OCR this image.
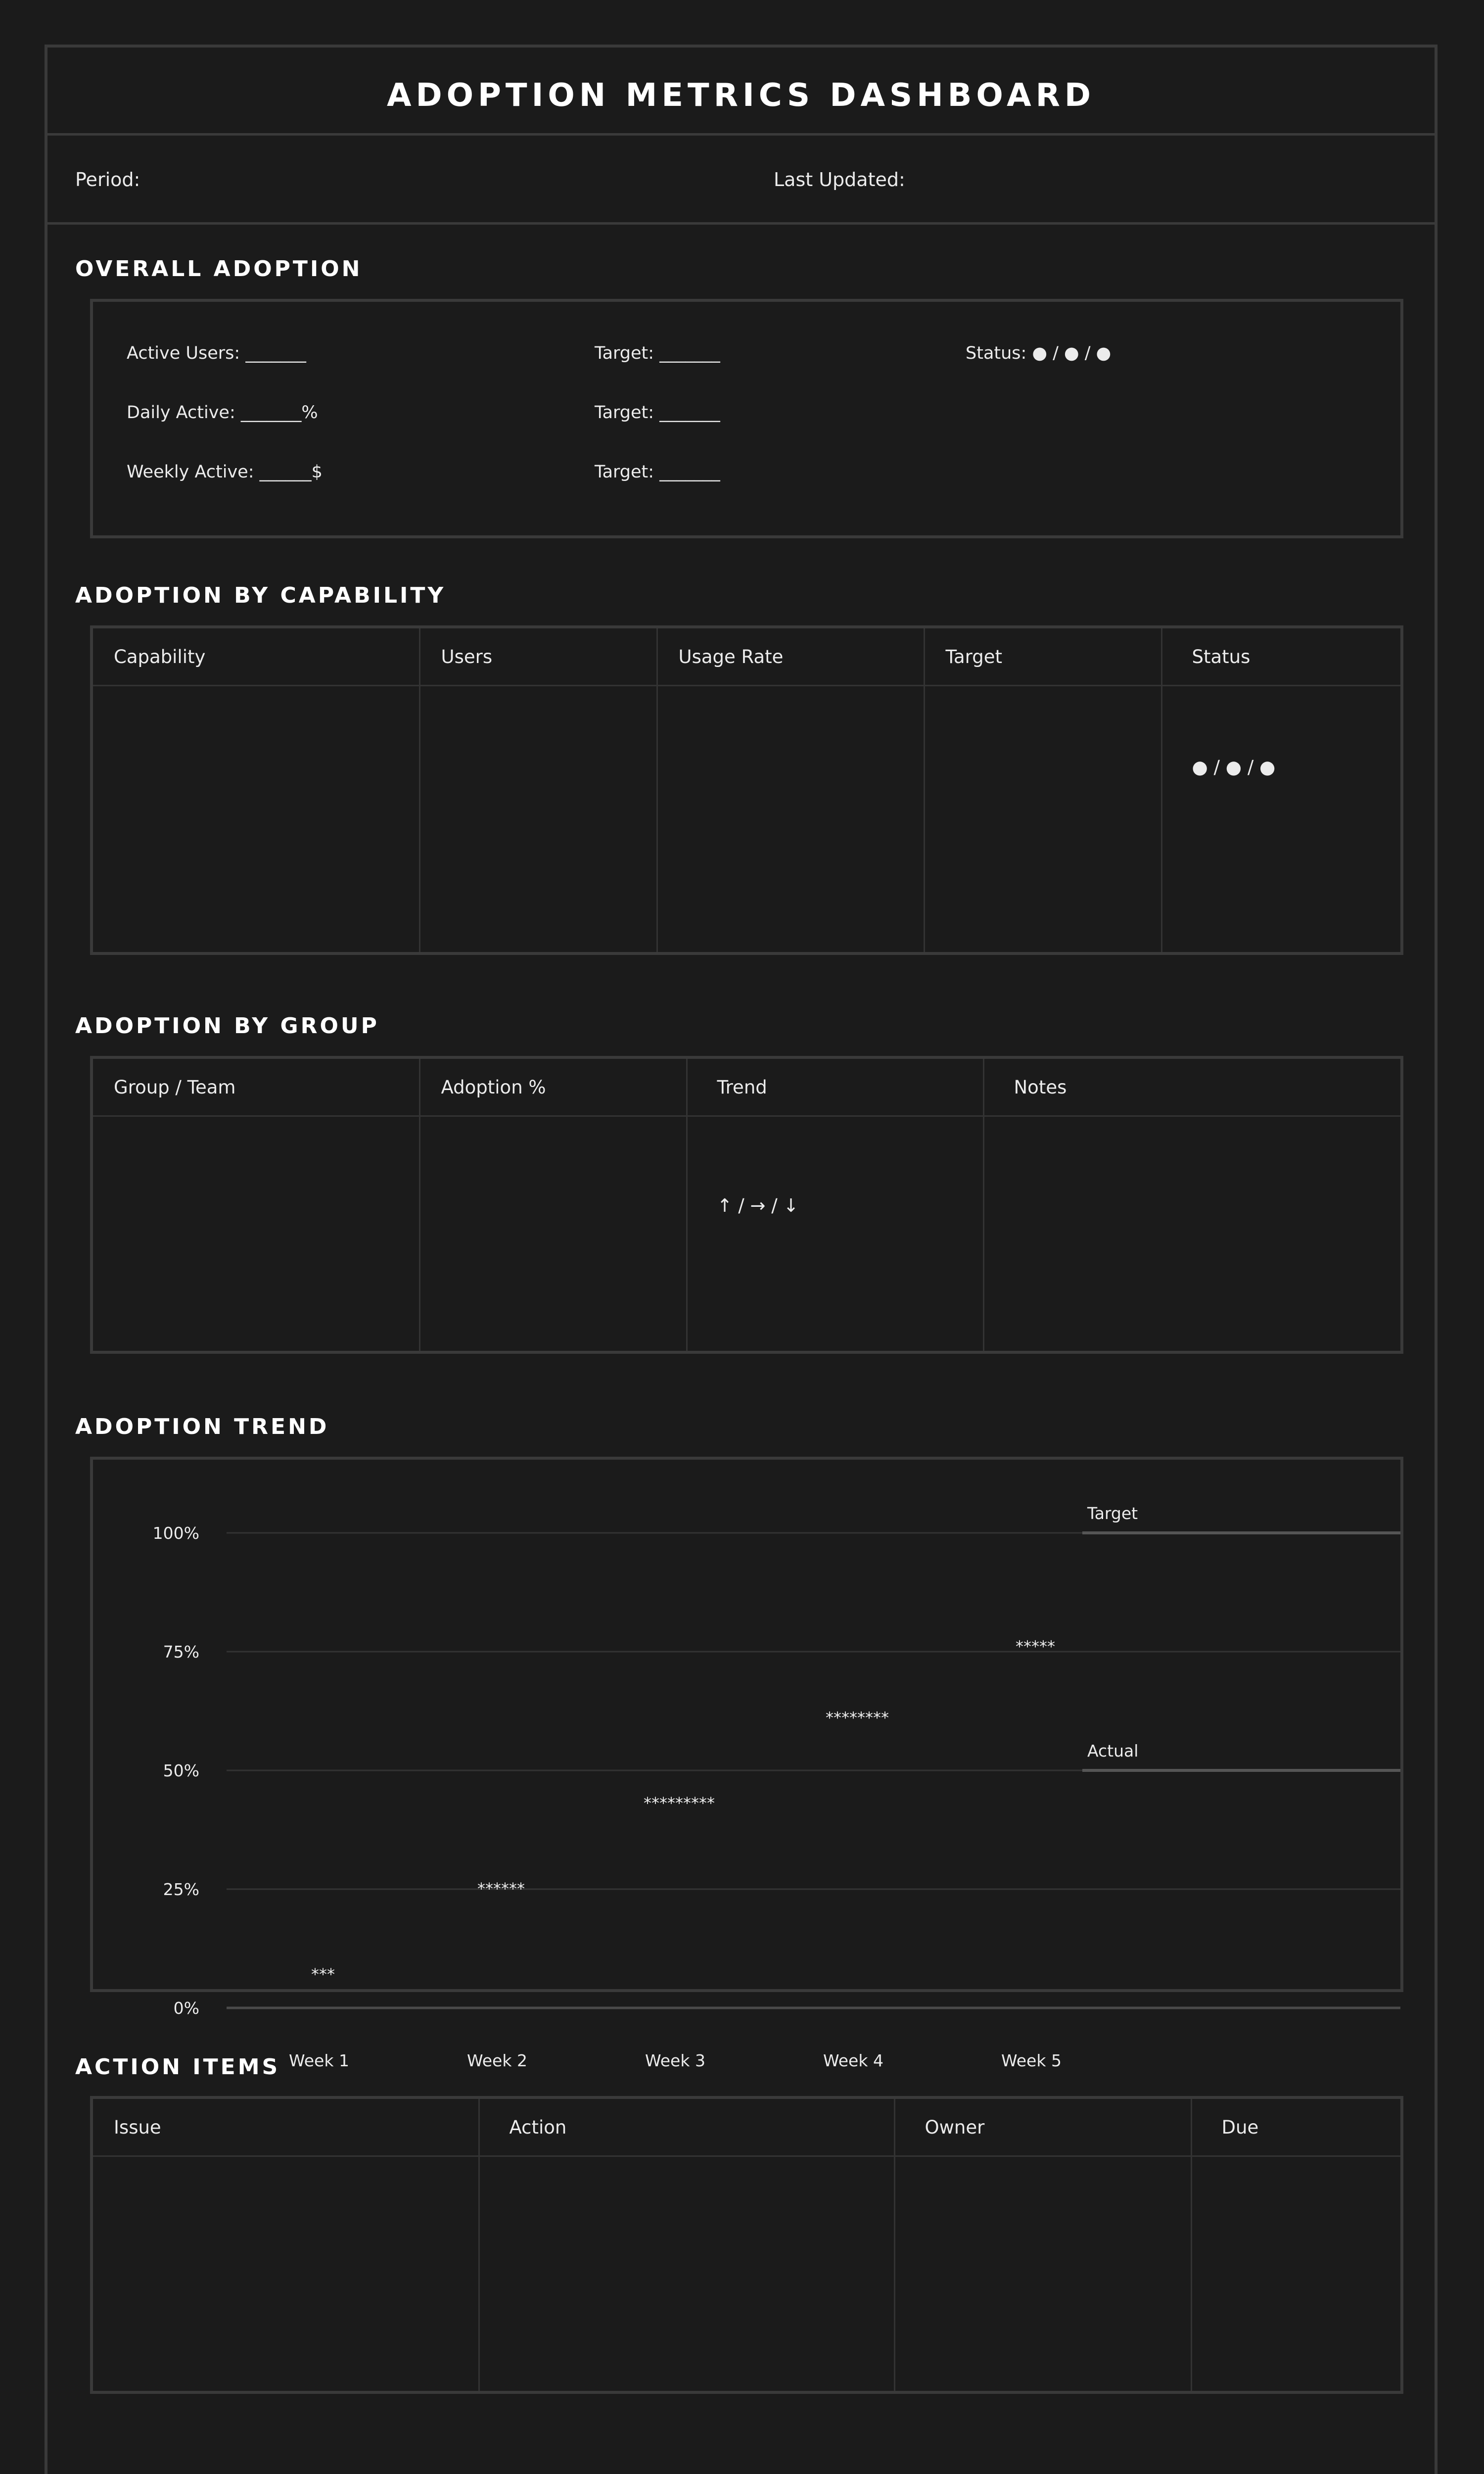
ADOPTION METRICS DASHBOARD
Period:	Last Updated:
OVERALL ADOPTION
Active Users: _______	Target: _______	Status: ● / ● / ●
Daily Active: _______%	Target: _______
Weekly Active: ______$	Target: _______
ADOPTION BY CAPABILITY
Capability	Users	Usage Rate	Target	Status
				● / ● / ●
ADOPTION BY GROUP
Group / Team	Adoption %	Trend	Notes
		↑ / → / ↓	
ADOPTION TREND
100%
75%
50%
25%
0%
Target
Actual
***
******
*********
********
*****
Week 1	Week 2	Week 3	Week 4	Week 5
ACTION ITEMS
Issue	Action	Owner	Due
